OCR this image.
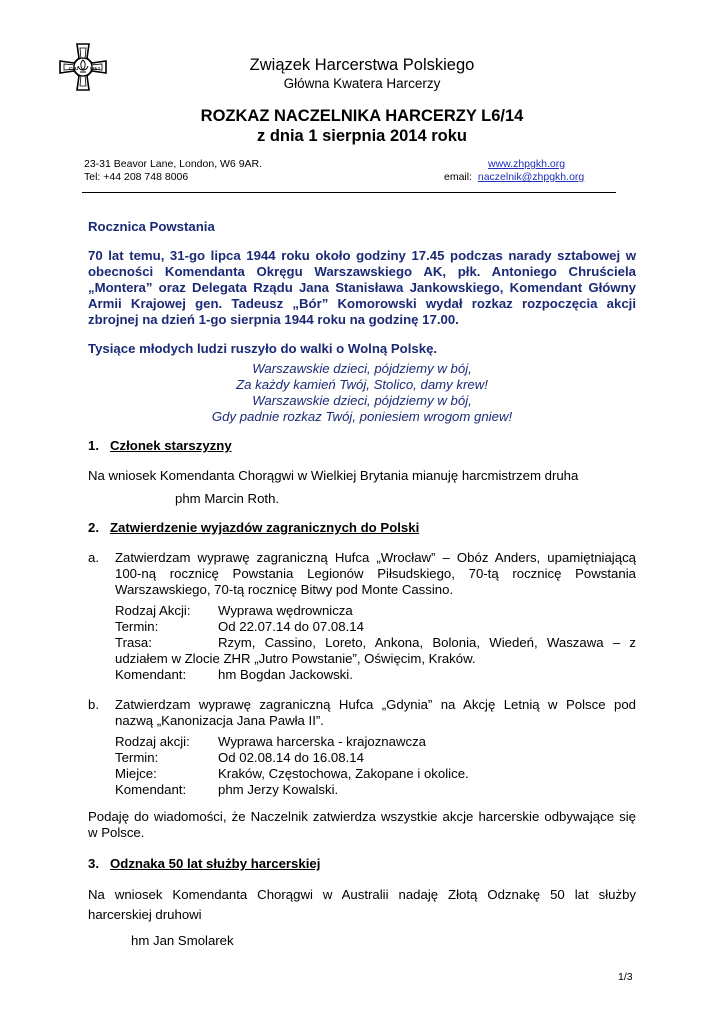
CZU	WAJ	Związek Harcerstwa Polskiego
Główna Kwatera Harcerzy
ROZKAZ NACZELNIKA HARCERZY L6/14
z dnia 1 sierpnia 2014 roku
23-31 Beavor Lane, London, W6 9AR.
Tel: +44 208 748 8006
www.zhpgkh.org
email: naczelnik@zhpgkh.org
Rocznica Powstania
70 lat temu, 31-go lipca 1944 roku około godziny 17.45 podczas narady sztabowej w
obecności Komendanta Okręgu Warszawskiego AK, płk. Antoniego Chruściela
„Montera” oraz Delegata Rządu Jana Stanisława Jankowskiego, Komendant Główny
Armii Krajowej gen. Tadeusz „Bór” Komorowski wydał rozkaz rozpoczęcia akcji
zbrojnej na dzień 1-go sierpnia 1944 roku na godzinę 17.00.
Tysiące młodych ludzi ruszyło do walki o Wolną Polskę.
Warszawskie dzieci, pójdziemy w bój,
Za każdy kamień Twój, Stolico, damy krew!
Warszawskie dzieci, pójdziemy w bój,
Gdy padnie rozkaz Twój, poniesiem wrogom gniew!
1. Członek starszyzny
Na wniosek Komendanta Chorągwi w Wielkiej Brytania mianuję harcmistrzem druha
phm Marcin Roth.
2. Zatwierdzenie wyjazdów zagranicznych do Polski
a. Zatwierdzam wyprawę zagraniczną Hufca „Wrocław” – Obóz Anders, upamiętniającą
100-ną rocznicę Powstania Legionów Piłsudskiego, 70-tą rocznicę Powstania
Warszawskiego, 70-tą rocznicę Bitwy pod Monte Cassino.
Rodzaj Akcji: Wyprawa wędrownicza
Termin:	Od 22.07.14 do 07.08.14
Trasa:	Rzym, Cassino, Loreto, Ankona, Bolonia, Wiedeń, Waszawa – z
udziałem w Zlocie ZHR „Jutro Powstanie”, Oświęcim, Kraków.
Komendant: hm Bogdan Jackowski.
b. Zatwierdzam wyprawę zagraniczną Hufca „Gdynia” na Akcję Letnią w Polsce pod
nazwą „Kanonizacja Jana Pawła II”.
Rodzaj akcji: Wyprawa harcerska - krajoznawcza
Termin:	Od 02.08.14 do 16.08.14
Miejce:	Kraków, Częstochowa, Zakopane i okolice.
Komendant: phm Jerzy Kowalski.
Podaję do wiadomości, że Naczelnik zatwierdza wszystkie akcje harcerskie odbywające się
w Polsce.
3. Odznaka 50 lat służby harcerskiej
Na wniosek Komendanta Chorągwi w Australii nadaję Złotą Odznakę 50 lat służby
harcerskiej druhowi
hm Jan Smolarek
1/3
